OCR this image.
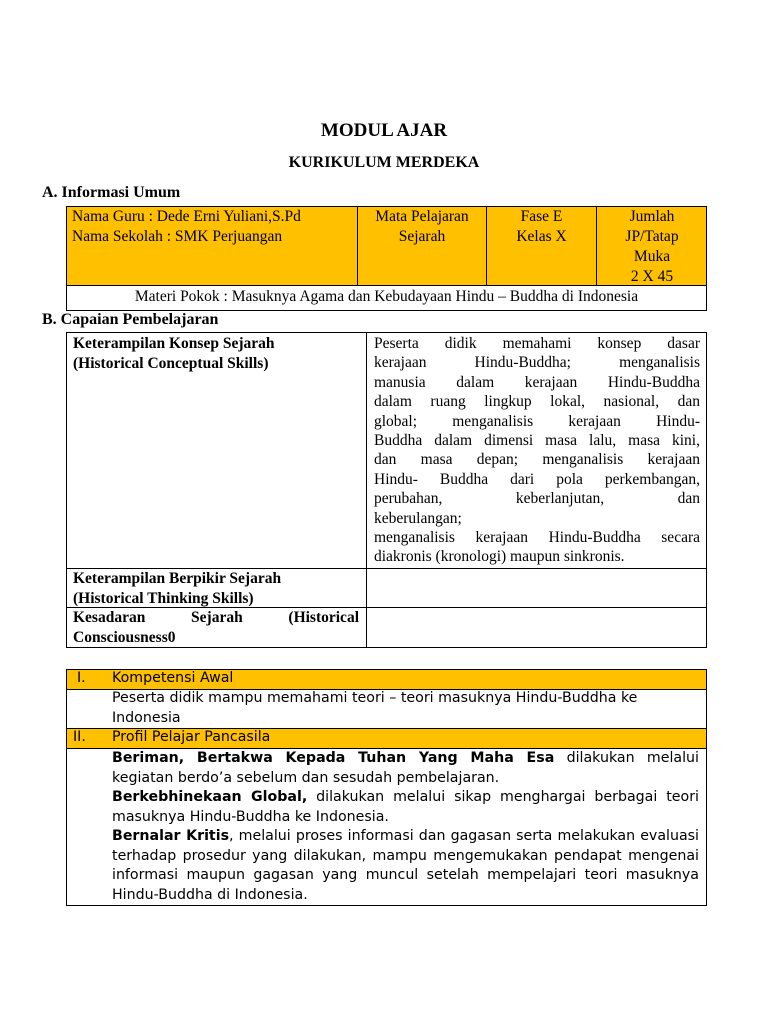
MODUL AJAR
KURIKULUM MERDEKA
A. Informasi Umum
Nama Guru : Dede Erni Yuliani,S.Pd
Nama Sekolah : SMK Perjuangan
Mata Pelajaran
Sejarah
Fase E
Kelas X
Jumlah
JP/Tatap
Muka
2 X 45
Materi Pokok : Masuknya Agama dan Kebudayaan Hindu – Buddha di Indonesia
B. Capaian Pembelajaran
Keterampilan Konsep Sejarah
(Historical Conceptual Skills)
Peserta didik memahami konsep dasar
kerajaan Hindu-Buddha; menganalisis
manusia dalam kerajaan Hindu-Buddha
dalam ruang lingkup lokal, nasional, dan
global; menganalisis kerajaan Hindu-
Buddha dalam dimensi masa lalu, masa kini,
dan masa depan; menganalisis kerajaan
Hindu- Buddha dari pola perkembangan,
perubahan, keberlanjutan, dan
keberulangan;
menganalisis kerajaan Hindu-Buddha secara
diakronis (kronologi) maupun sinkronis.
Keterampilan Berpikir Sejarah
(Historical Thinking Skills)
Kesadaran Sejarah (Historical
Consciousness0
I. Kompetensi Awal
Peserta didik mampu memahami teori – teori masuknya Hindu-Buddha ke
Indonesia
II. Profil Pelajar Pancasila
Beriman, Bertakwa Kepada Tuhan Yang Maha Esa dilakukan melalui
kegiatan berdo’a sebelum dan sesudah pembelajaran.
Berkebhinekaan Global, dilakukan melalui sikap menghargai berbagai teori
masuknya Hindu-Buddha ke Indonesia.
Bernalar Kritis, melalui proses informasi dan gagasan serta melakukan evaluasi
terhadap prosedur yang dilakukan, mampu mengemukakan pendapat mengenai
informasi maupun gagasan yang muncul setelah mempelajari teori masuknya
Hindu-Buddha di Indonesia.
